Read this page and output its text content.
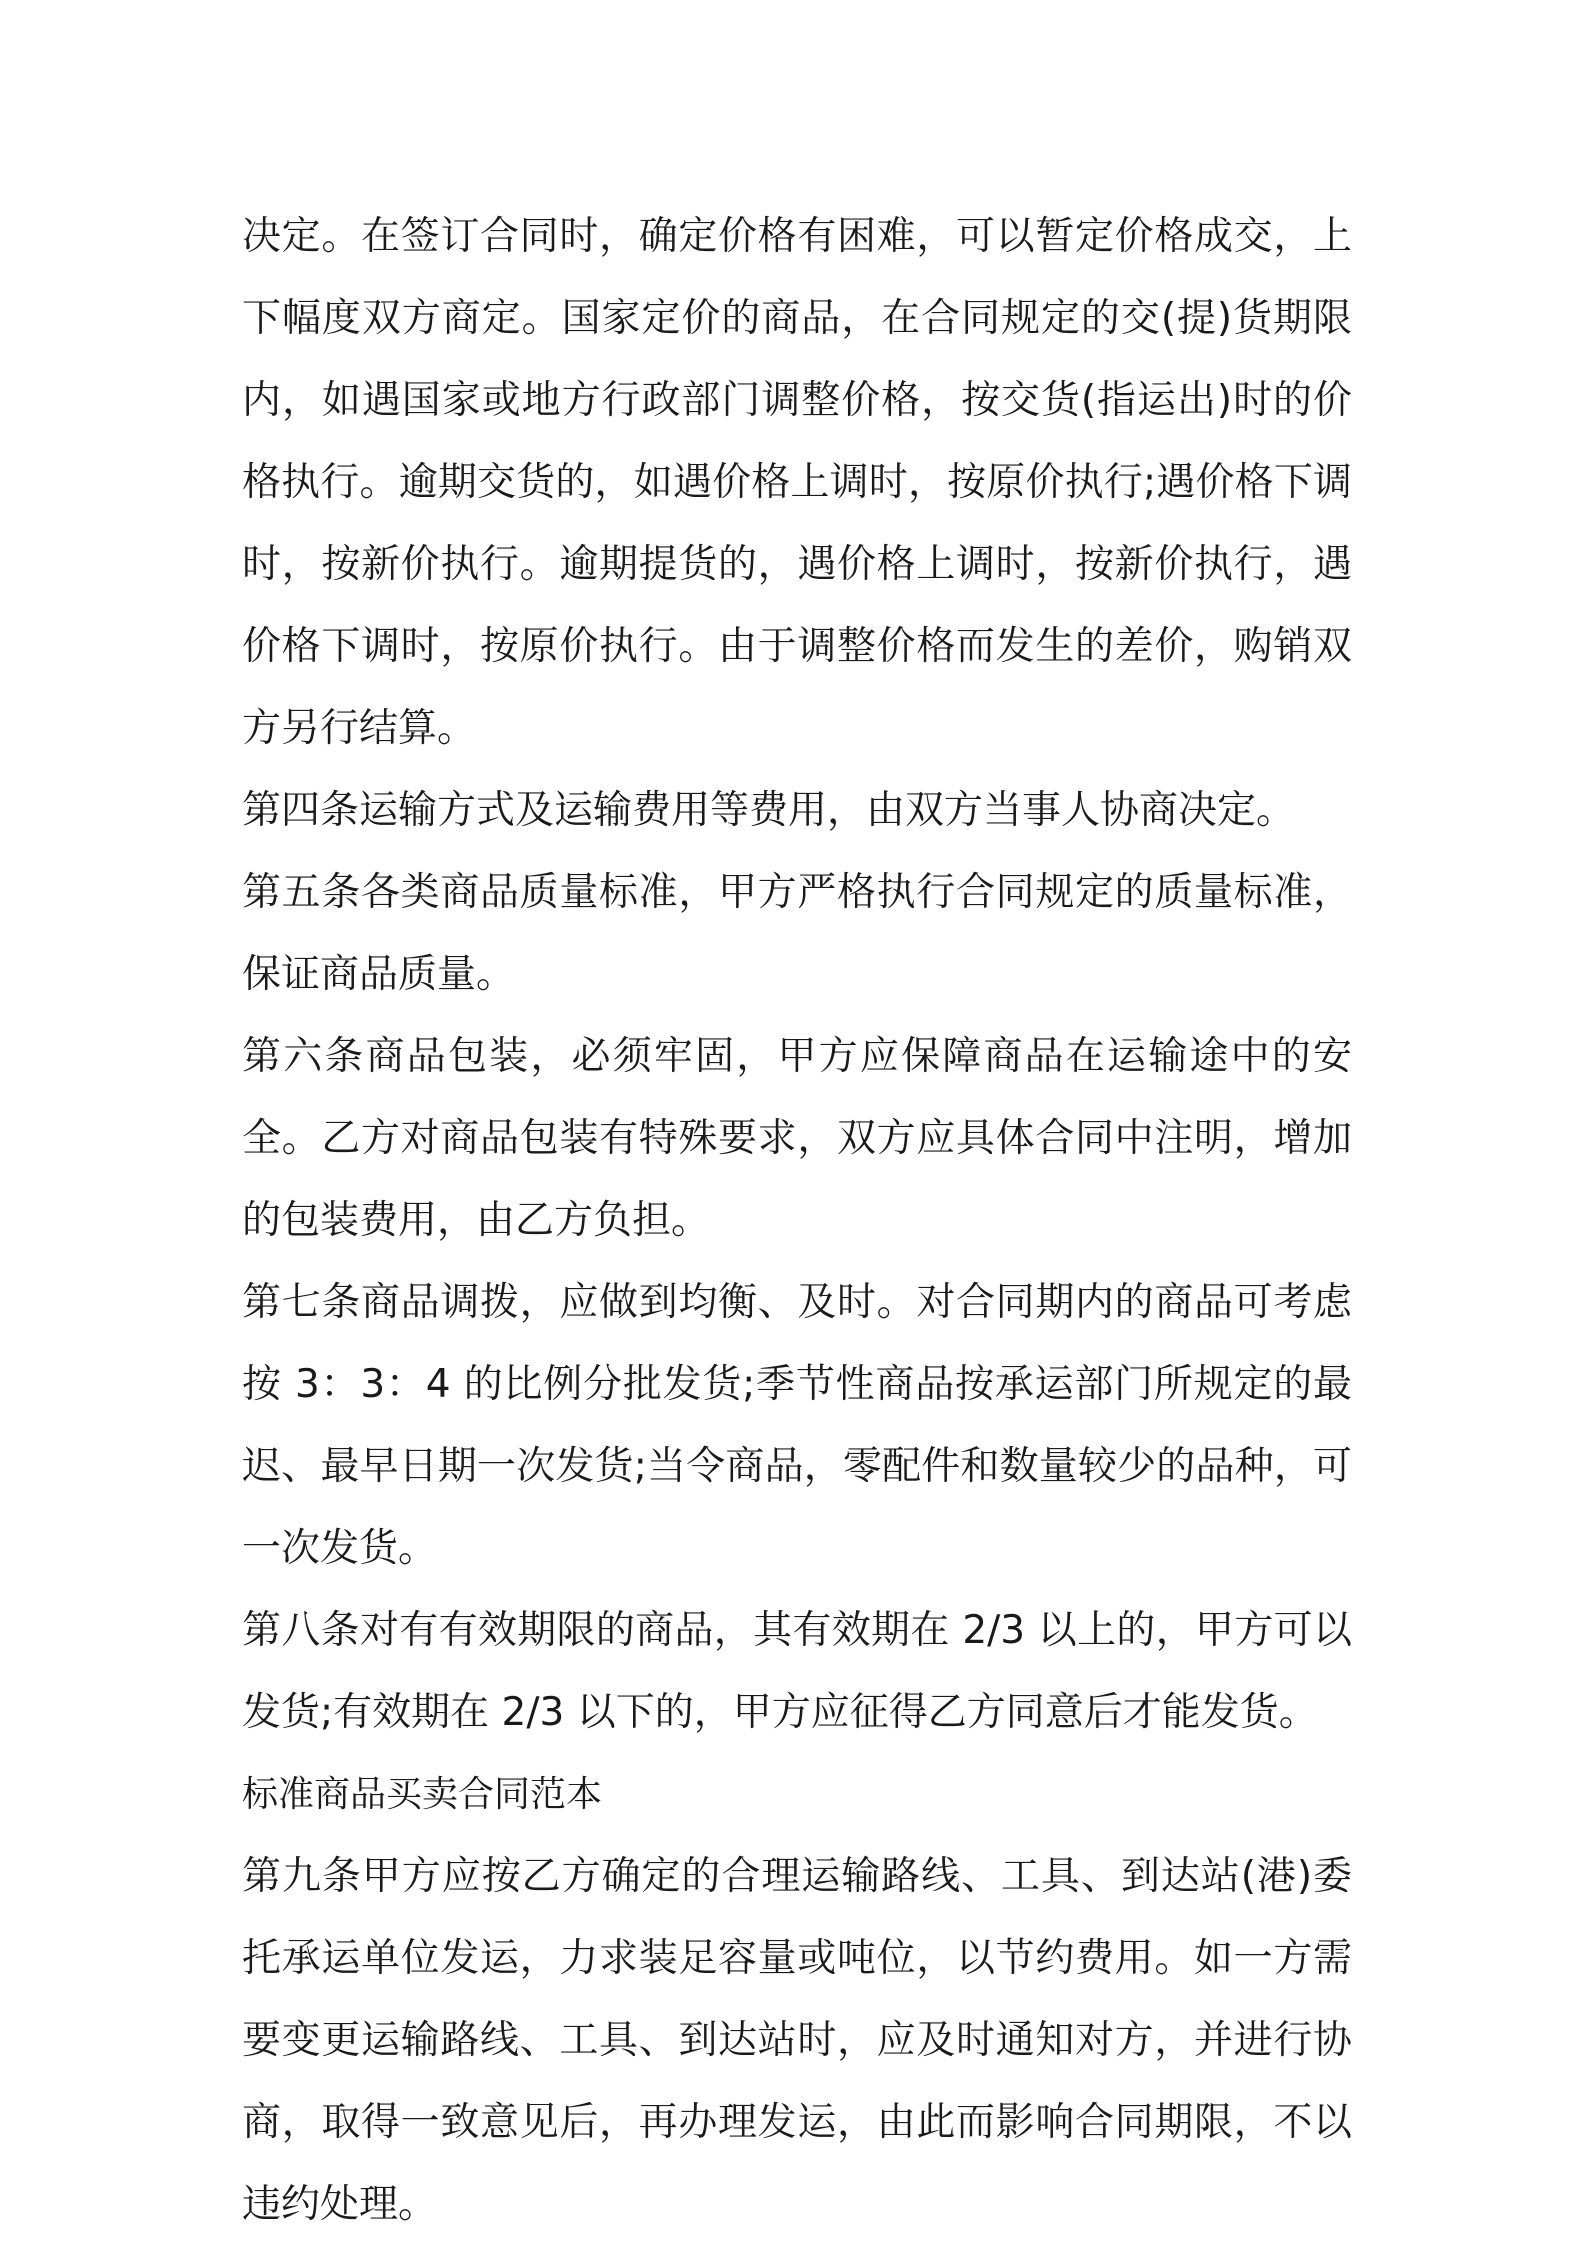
决定。在签订合同时，确定价格有困难，可以暂定价格成交，上下幅度双方商定。国家定价的商品，在合同规定的交(提)货期限内，如遇国家或地方行政部门调整价格，按交货(指运出)时的价格执行。逾期交货的，如遇价格上调时，按原价执行;遇价格下调时，按新价执行。逾期提货的，遇价格上调时，按新价执行，遇价格下调时，按原价执行。由于调整价格而发生的差价，购销双方另行结算。

第四条运输方式及运输费用等费用，由双方当事人协商决定。

第五条各类商品质量标准，甲方严格执行合同规定的质量标准，保证商品质量。

第六条商品包装，必须牢固，甲方应保障商品在运输途中的安全。乙方对商品包装有特殊要求，双方应具体合同中注明，增加的包装费用，由乙方负担。

第七条商品调拨，应做到均衡、及时。对合同期内的商品可考虑按 3：3：4 的比例分批发货;季节性商品按承运部门所规定的最迟、最早日期一次发货;当令商品，零配件和数量较少的品种，可一次发货。

第八条对有有效期限的商品，其有效期在 2/3 以上的，甲方可以发货;有效期在 2/3 以下的，甲方应征得乙方同意后才能发货。

标准商品买卖合同范本

第九条甲方应按乙方确定的合理运输路线、工具、到达站(港)委托承运单位发运，力求装足容量或吨位，以节约费用。如一方需要变更运输路线、工具、到达站时，应及时通知对方，并进行协商，取得一致意见后，再办理发运，由此而影响合同期限，不以违约处理。
